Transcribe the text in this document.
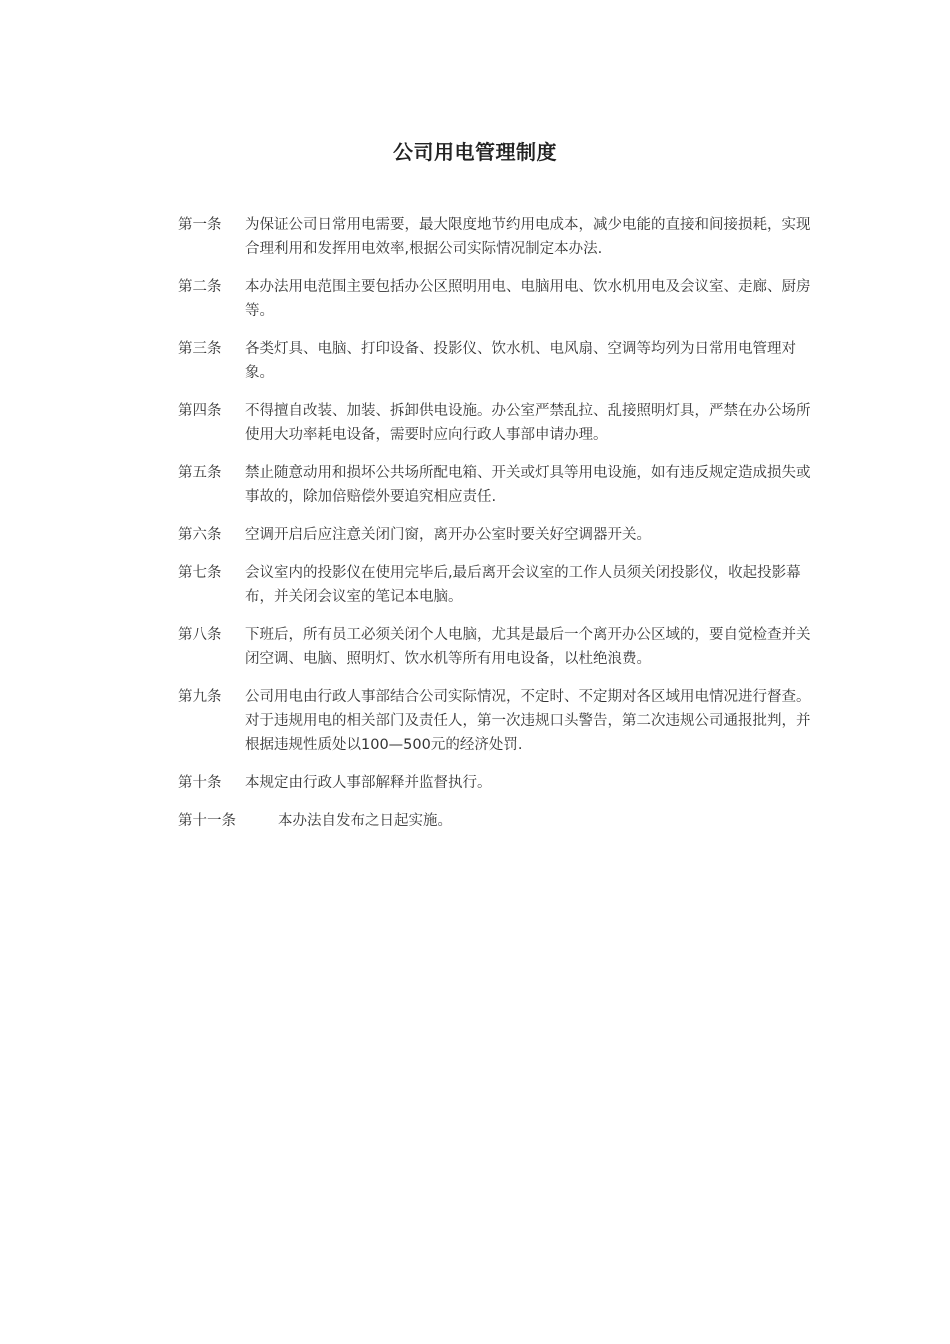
公司用电管理制度
第一条	为保证公司日常用电需要，最大限度地节约用电成本，减少电能的直接和间接损耗，实现合理利用和发挥用电效率,根据公司实际情况制定本办法.
第二条	本办法用电范围主要包括办公区照明用电、电脑用电、饮水机用电及会议室、走廊、厨房等。
第三条	各类灯具、电脑、打印设备、投影仪、饮水机、电风扇、空调等均列为日常用电管理对象。
第四条	不得擅自改装、加装、拆卸供电设施。办公室严禁乱拉、乱接照明灯具，严禁在办公场所使用大功率耗电设备，需要时应向行政人事部申请办理。
第五条	禁止随意动用和损坏公共场所配电箱、开关或灯具等用电设施，如有违反规定造成损失或事故的，除加倍赔偿外要追究相应责任.
第六条	空调开启后应注意关闭门窗，离开办公室时要关好空调器开关。
第七条	会议室内的投影仪在使用完毕后,最后离开会议室的工作人员须关闭投影仪，收起投影幕布，并关闭会议室的笔记本电脑。
第八条	下班后，所有员工必须关闭个人电脑，尤其是最后一个离开办公区域的，要自觉检查并关闭空调、电脑、照明灯、饮水机等所有用电设备，以杜绝浪费。
第九条	公司用电由行政人事部结合公司实际情况，不定时、不定期对各区域用电情况进行督查。对于违规用电的相关部门及责任人，第一次违规口头警告，第二次违规公司通报批判，并根据违规性质处以100—500元的经济处罚.
第十条	本规定由行政人事部解释并监督执行。
第十一条	本办法自发布之日起实施。
